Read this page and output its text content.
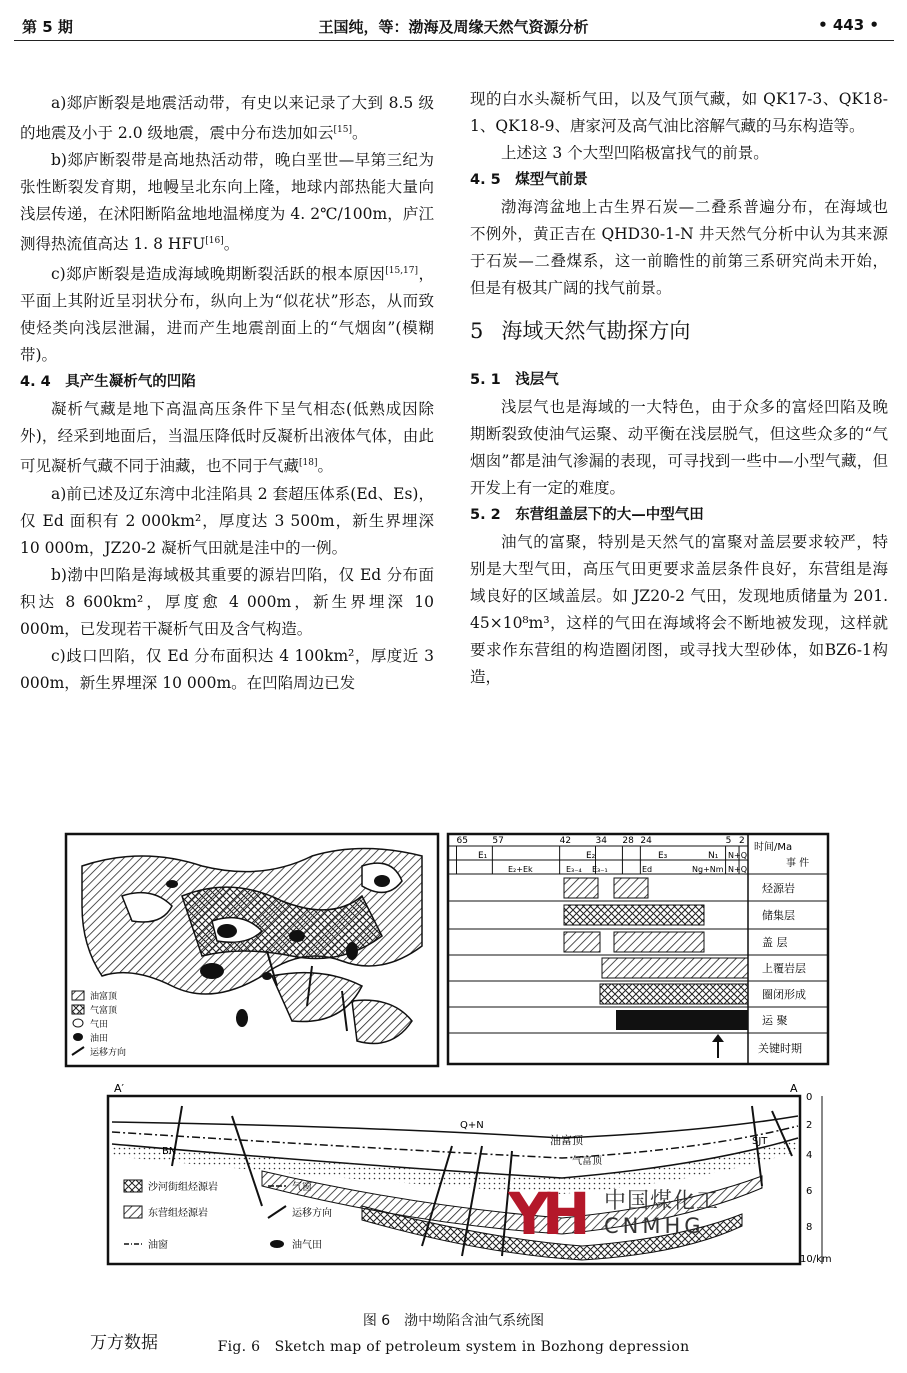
第 5 期	王国纯，等：渤海及周缘天然气资源分析	• 443 •

a)郯庐断裂是地震活动带，有史以来记录了大到 8.5 级的地震及小于 2.0 级地震，震中分布迭加如云[15]。

b)郯庐断裂带是高地热活动带，晚白垩世—早第三纪为张性断裂发育期，地幔呈北东向上隆，地球内部热能大量向浅层传递，在沭阳断陷盆地地温梯度为 4. 2℃/100m，庐江测得热流值高达 1. 8 HFU[16]。

c)郯庐断裂是造成海域晚期断裂活跃的根本原因[15,17]，平面上其附近呈羽状分布，纵向上为“似花状”形态，从而致使烃类向浅层泄漏，进而产生地震剖面上的“气烟囱”(模糊带)。

4. 4　具产生凝析气的凹陷

凝析气藏是地下高温高压条件下呈气相态(低熟成因除外)，经采到地面后，当温压降低时反凝析出液体气体，由此可见凝析气藏不同于油藏，也不同于气藏[18]。

a)前已述及辽东湾中北洼陷具 2 套超压体系(Ed、Es)，仅 Ed 面积有 2 000km²，厚度达 3 500m，新生界埋深 10 000m，JZ20-2 凝析气田就是洼中的一例。

b)渤中凹陷是海域极其重要的源岩凹陷，仅 Ed 分布面积达 8 600km²，厚度愈 4 000m，新生界埋深 10 000m，已发现若干凝析气田及含气构造。

c)歧口凹陷，仅 Ed 分布面积达 4 100km²，厚度近 3 000m，新生界埋深 10 000m。在凹陷周边已发

现的白水头凝析气田，以及气顶气藏，如 QK17-3、QK18-1、QK18-9、唐家河及高气油比溶解气藏的马东构造等。

上述这 3 个大型凹陷极富找气的前景。

4. 5　煤型气前景

渤海湾盆地上古生界石炭—二叠系普遍分布，在海域也不例外，黄正吉在 QHD30-1-N 井天然气分析中认为其来源于石炭—二叠煤系，这一前瞻性的前第三系研究尚未开始，但是有极其广阔的找气前景。

5 海域天然气勘探方向

5. 1　浅层气

浅层气也是海域的一大特色，由于众多的富烃凹陷及晚期断裂致使油气运聚、动平衡在浅层脱气，但这些众多的“气烟囱”都是油气渗漏的表现，可寻找到一些中—小型气藏，但开发上有一定的难度。

5. 2　东营组盖层下的大—中型气田

油气的富聚，特别是天然气的富聚对盖层要求较严，特别是大型气田，高压气田更要求盖层条件良好，东营组是海域良好的区域盖层。如 JZ20-2 气田，发现地质储量为 201. 45×10⁸m³，这样的气田在海域将会不断地被发现，这样就要求作东营组的构造圈闭图，或寻找大型砂体，如BZ6-1构造，

油富顶
气富顶
气田
油田
运移方向
65	57	42	34 28 24	5 2
时间/Ma
事 件
E₁	E₂	E₃	N₁ N+Q
E₂+Ek	E₃₋₄ E₃₋₁	Ed	Ng+Nm N+Q
烃源岩
储集层
盖 层
上覆岩层
圈闭形成
运 聚
关键时期
A′	A
BN
SJT
Q+N
油富顶
气富顶
0
2
4
6
8
10/km
沙河街组烃源岩	气窗
东营组烃源岩	运移方向
油窗	油气田	YH 中国煤化工
CNMHG
图 6　渤中坳陷含油气系统图
Fig. 6　Sketch map of petroleum system in Bozhong depression
万方数据
